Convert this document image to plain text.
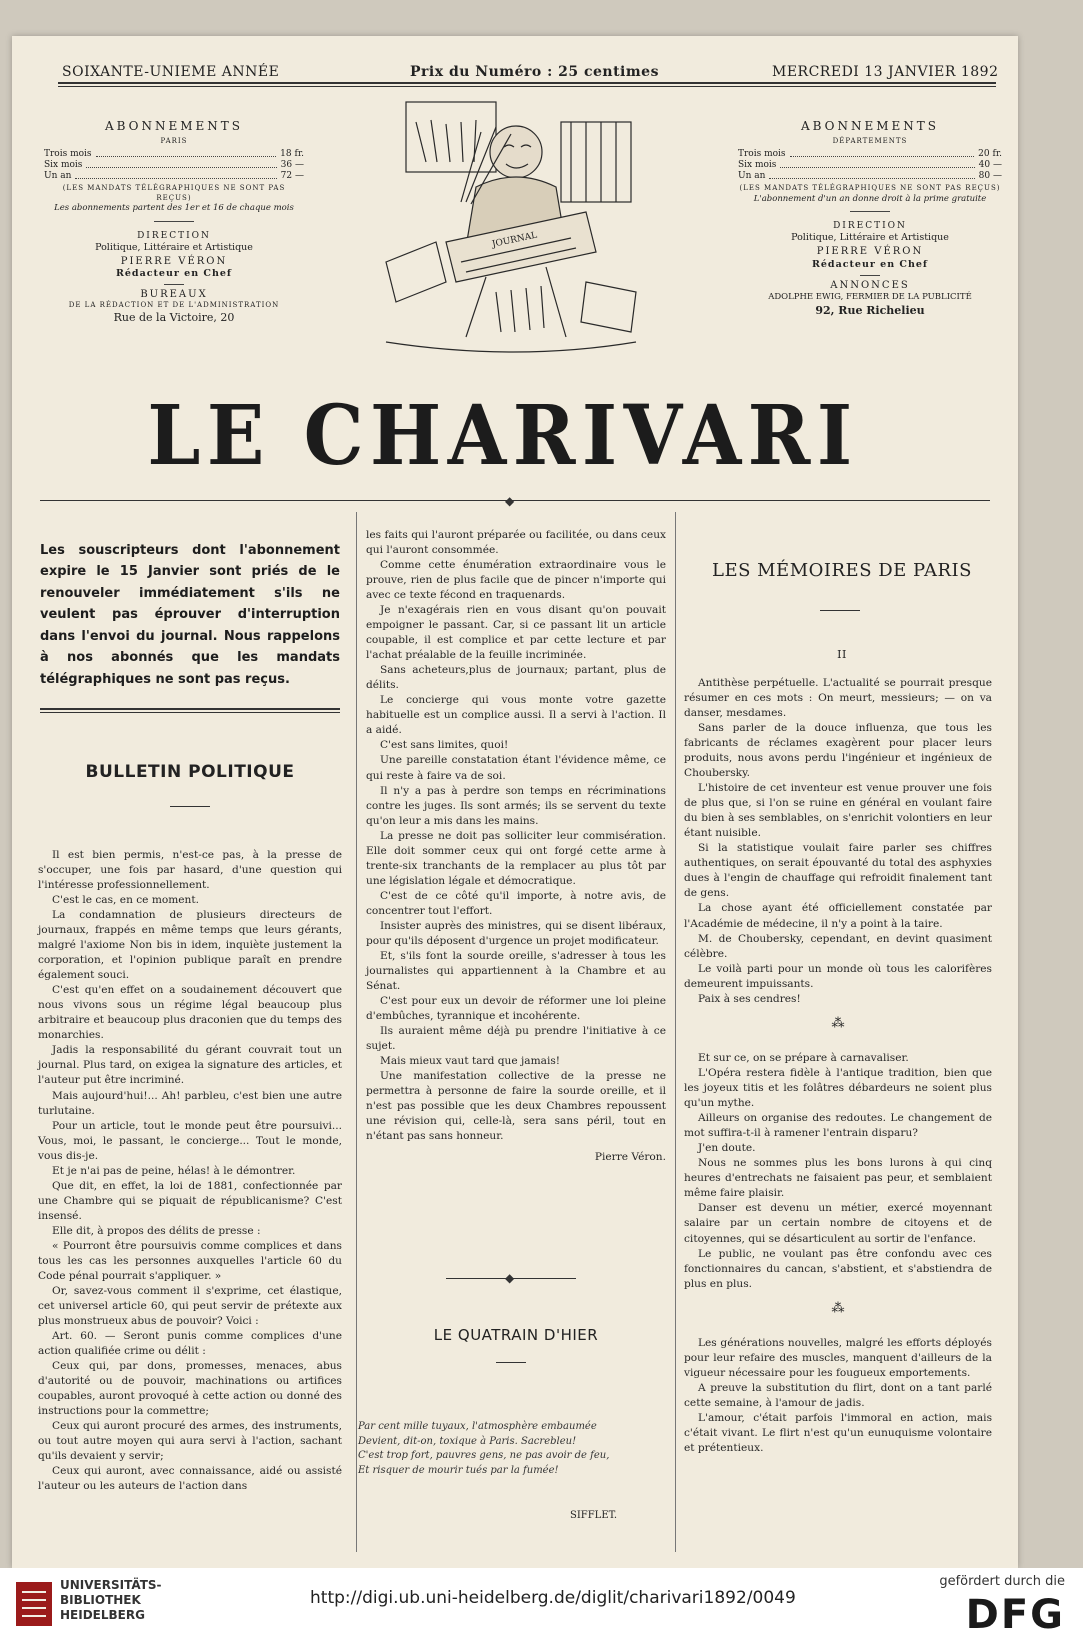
SOIXANTE-UNIEME ANNÉE	Prix du Numéro : 25 centimes	MERCREDI 13 JANVIER 1892
ABONNEMENTS
PARIS
Trois mois	18 fr.
Six mois	36 —
Un an	72 —
(LES MANDATS TÉLÉGRAPHIQUES NE SONT PAS REÇUS)
Les abonnements partent des 1er et 16 de chaque mois
DIRECTION
Politique, Littéraire et Artistique
PIERRE VÉRON
Rédacteur en Chef
BUREAUX
DE LA RÉDACTION ET DE L'ADMINISTRATION
Rue de la Victoire, 20
ABONNEMENTS
DÉPARTEMENTS
Trois mois	20 fr.
Six mois	40 —
Un an	80 —
(LES MANDATS TÉLÉGRAPHIQUES NE SONT PAS REÇUS)
L'abonnement d'un an donne droit à la prime gratuite
DIRECTION
Politique, Littéraire et Artistique
PIERRE VÉRON
Rédacteur en Chef
ANNONCES
ADOLPHE EWIG, FERMIER DE LA PUBLICITÉ
92, Rue Richelieu
JOURNAL
LE CHARIVARI
◆
Les souscripteurs dont l'abonnement expire le 15 Janvier sont priés de le renouveler immédiatement s'ils ne veulent pas éprouver d'interruption dans l'envoi du journal. Nous rappelons à nos abonnés que les mandats télégraphiques ne sont pas reçus.
BULLETIN POLITIQUE

Il est bien permis, n'est-ce pas, à la presse de s'occuper, une fois par hasard, d'une question qui l'intéresse professionnellement.

C'est le cas, en ce moment.

La condamnation de plusieurs directeurs de journaux, frappés en même temps que leurs gérants, malgré l'axiome Non bis in idem, inquiète justement la corporation, et l'opinion publique paraît en prendre également souci.

C'est qu'en effet on a soudainement découvert que nous vivons sous un régime légal beaucoup plus arbitraire et beaucoup plus draconien que du temps des monarchies.

Jadis la responsabilité du gérant couvrait tout un journal. Plus tard, on exigea la signature des articles, et l'auteur put être incriminé.

Mais aujourd'hui!... Ah! parbleu, c'est bien une autre turlutaine.

Pour un article, tout le monde peut être poursuivi... Vous, moi, le passant, le concierge... Tout le monde, vous dis-je.

Et je n'ai pas de peine, hélas! à le démontrer.

Que dit, en effet, la loi de 1881, confectionnée par une Chambre qui se piquait de républicanisme? C'est insensé.

Elle dit, à propos des délits de presse :

« Pourront être poursuivis comme complices et dans tous les cas les personnes auxquelles l'article 60 du Code pénal pourrait s'appliquer. »

Or, savez-vous comment il s'exprime, cet élastique, cet universel article 60, qui peut servir de prétexte aux plus monstrueux abus de pouvoir? Voici :

Art. 60. — Seront punis comme complices d'une action qualifiée crime ou délit :

Ceux qui, par dons, promesses, menaces, abus d'autorité ou de pouvoir, machinations ou artifices coupables, auront provoqué à cette action ou donné des instructions pour la commettre;

Ceux qui auront procuré des armes, des instruments, ou tout autre moyen qui aura servi à l'action, sachant qu'ils devaient y servir;

Ceux qui auront, avec connaissance, aidé ou assisté l'auteur ou les auteurs de l'action dans

les faits qui l'auront préparée ou facilitée, ou dans ceux qui l'auront consommée.

Comme cette énumération extraordinaire vous le prouve, rien de plus facile que de pincer n'importe qui avec ce texte fécond en traquenards.

Je n'exagérais rien en vous disant qu'on pouvait empoigner le passant. Car, si ce passant lit un article coupable, il est complice et par cette lecture et par l'achat préalable de la feuille incriminée.

Sans acheteurs,plus de journaux; partant, plus de délits.

Le concierge qui vous monte votre gazette habituelle est un complice aussi. Il a servi à l'action. Il a aidé.

C'est sans limites, quoi!

Une pareille constatation étant l'évidence même, ce qui reste à faire va de soi.

Il n'y a pas à perdre son temps en récriminations contre les juges. Ils sont armés; ils se servent du texte qu'on leur a mis dans les mains.

La presse ne doit pas solliciter leur commisération. Elle doit sommer ceux qui ont forgé cette arme à trente-six tranchants de la remplacer au plus tôt par une législation légale et démocratique.

C'est de ce côté qu'il importe, à notre avis, de concentrer tout l'effort.

Insister auprès des ministres, qui se disent libéraux, pour qu'ils déposent d'urgence un projet modificateur.

Et, s'ils font la sourde oreille, s'adresser à tous les journalistes qui appartiennent à la Chambre et au Sénat.

C'est pour eux un devoir de réformer une loi pleine d'embûches, tyrannique et incohérente.

Ils auraient même déjà pu prendre l'initiative à ce sujet.

Mais mieux vaut tard que jamais!

Une manifestation collective de la presse ne permettra à personne de faire la sourde oreille, et il n'est pas possible que les deux Chambres repoussent une révision qui, celle-là, sera sans péril, tout en n'étant pas sans honneur.

Pierre Véron.

◆
LE QUATRAIN D'HIER
Par cent mille tuyaux, l'atmosphère embaumée
Devient, dit-on, toxique à Paris. Sacrebleu!
C'est trop fort, pauvres gens, ne pas avoir de feu,
Et risquer de mourir tués par la fumée!
SIFFLET.
LES MÉMOIRES DE PARIS
II

Antithèse perpétuelle. L'actualité se pourrait presque résumer en ces mots : On meurt, messieurs; — on va danser, mesdames.

Sans parler de la douce influenza, que tous les fabricants de réclames exagèrent pour placer leurs produits, nous avons perdu l'ingénieur et ingénieux de Choubersky.

L'histoire de cet inventeur est venue prouver une fois de plus que, si l'on se ruine en général en voulant faire du bien à ses semblables, on s'enrichit volontiers en leur étant nuisible.

Si la statistique voulait faire parler ses chiffres authentiques, on serait épouvanté du total des asphyxies dues à l'engin de chauffage qui refroidit finalement tant de gens.

La chose ayant été officiellement constatée par l'Académie de médecine, il n'y a point à la taire.

M. de Choubersky, cependant, en devint quasiment célèbre.

Le voilà parti pour un monde où tous les calorifères demeurent impuissants.

Paix à ses cendres!

⁂

Et sur ce, on se prépare à carnavaliser.

L'Opéra restera fidèle à l'antique tradition, bien que les joyeux titis et les folâtres débardeurs ne soient plus qu'un mythe.

Ailleurs on organise des redoutes. Le changement de mot suffira-t-il à ramener l'entrain disparu?

J'en doute.

Nous ne sommes plus les bons lurons à qui cinq heures d'entrechats ne faisaient pas peur, et semblaient même faire plaisir.

Danser est devenu un métier, exercé moyennant salaire par un certain nombre de citoyens et de citoyennes, qui se désarticulent au sortir de l'enfance.

Le public, ne voulant pas être confondu avec ces fonctionnaires du cancan, s'abstient, et s'abstiendra de plus en plus.

⁂

Les générations nouvelles, malgré les efforts déployés pour leur refaire des muscles, manquent d'ailleurs de la vigueur nécessaire pour les fougueux emportements.

A preuve la substitution du flirt, dont on a tant parlé cette semaine, à l'amour de jadis.

L'amour, c'était parfois l'immoral en action, mais c'était vivant. Le flirt n'est qu'un eunuquisme volontaire et prétentieux.

UNIVERSITÄTS-
BIBLIOTHEK
HEIDELBERG
http://digi.ub.uni-heidelberg.de/diglit/charivari1892/0049
gefördert durch die
DFG
